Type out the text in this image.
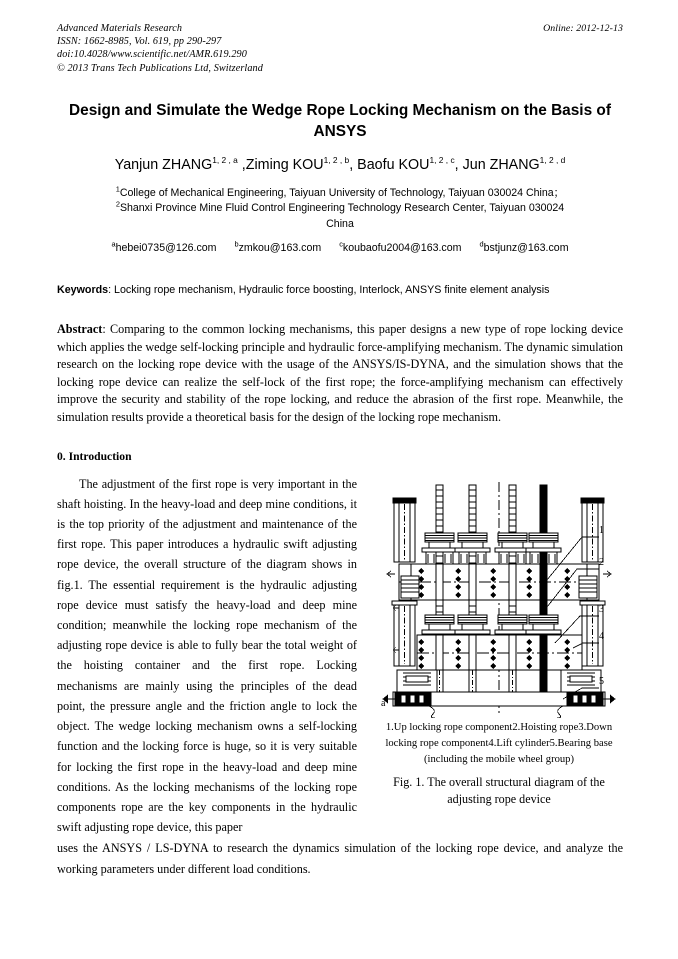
Online: 2012-12-13
Advanced Materials Research
ISSN: 1662-8985, Vol. 619, pp 290-297
doi:10.4028/www.scientific.net/AMR.619.290
© 2013 Trans Tech Publications Ltd, Switzerland
Design and Simulate the Wedge Rope Locking Mechanism on the Basis of ANSYS
Yanjun ZHANG$^{1, 2 , a}$ ,Ziming KOU$^{1, 2 , b}$, Baofu KOU$^{1, 2 , c}$, Jun ZHANG$^{1, 2 , d}$
$^1$College of Mechanical Engineering, Taiyuan University of Technology, Taiyuan 030024 China；
$^2$Shanxi Province Mine Fluid Control Engineering Technology Research Center, Taiyuan 030024
China
$^a$hebei0735@126.com $^b$zmkou@163.com $^c$koubaofu2004@163.com $^d$bstjunz@163.com
Keywords: Locking rope mechanism, Hydraulic force boosting, Interlock, ANSYS finite element analysis
Abstract: Comparing to the common locking mechanisms, this paper designs a new type of rope locking device which applies the wedge self-locking principle and hydraulic force-amplifying mechanism. The dynamic simulation research on the locking rope device with the usage of the ANSYS/IS-DYNA, and the simulation shows that the locking rope device can realize the self-lock of the first rope; the force-amplifying mechanism can effectively improve the security and stability of the rope locking, and reduce the abrasion of the first rope. Meanwhile, the simulation results provide a theoretical basis for the design of the locking rope mechanism.
0. Introduction
1
2
3
4
5
a
1.Up locking rope component2.Hoisting rope3.Down
locking rope component4.Lift cylinder5.Bearing base
(including the mobile wheel group)
Fig. 1. The overall structural diagram of the
adjusting rope device

The adjustment of the first rope is very important in the shaft hoisting. In the heavy-load and deep mine conditions, it is the top priority of the adjustment and maintenance of the first rope. This paper introduces a hydraulic swift adjusting rope device, the overall structure of the diagram shows in fig.1. The essential requirement is the hydraulic adjusting rope device must satisfy the heavy-load and deep mine condition; meanwhile the locking rope mechanism of the adjusting rope device is able to fully bear the total weight of the hoisting container and the first rope. Locking mechanisms are mainly using the principles of the dead point, the pressure angle and the friction angle to lock the object. The wedge locking mechanism owns a self-locking function and the locking force is huge, so it is very suitable for locking the first rope in the heavy-load and deep mine conditions. As the locking mechanisms of the locking rope components rope are the key components in the hydraulic swift adjusting rope device, this paper

uses the ANSYS / LS-DYNA to research the dynamics simulation of the locking rope device, and analyze the working parameters under different load conditions.
